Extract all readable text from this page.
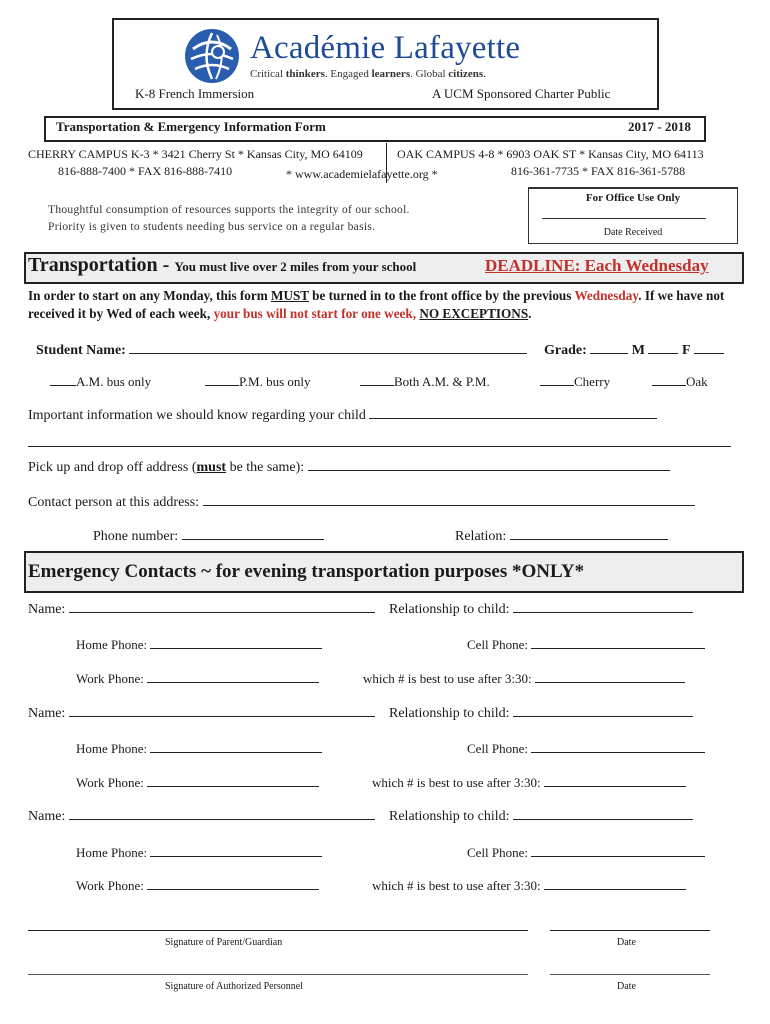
Académie Lafayette
Critical thinkers. Engaged learners. Global citizens.
K-8 French Immersion	A UCM Sponsored Charter Public
Transportation & Emergency Information Form	2017 - 2018
CHERRY CAMPUS K-3 * 3421 Cherry St * Kansas City, MO 64109
816-888-7400 * FAX 816-888-7410
OAK CAMPUS 4-8 * 6903 OAK ST * Kansas City, MO 64113
816-361-7735 * FAX 816-361-5788
* www.academielafayette.org *
Thoughtful consumption of resources supports the integrity of our school.
Priority is given to students needing bus service on a regular basis.
For Office Use Only
Date Received
Transportation - You must live over 2 miles from your school	DEADLINE: Each Wednesday
In order to start on any Monday, this form MUST be turned in to the front office by the previous Wednesday. If we have not received it by Wed of each week, your bus will not start for one week, NO EXCEPTIONS.
Student Name:	Grade:	M	F
A.M. bus only	P.M. bus only	Both A.M. & P.M.	Cherry	Oak
Important information we should know regarding your child
Pick up and drop off address (must be the same):
Contact person at this address:
Phone number:	Relation:
Emergency Contacts ~ for evening transportation purposes *ONLY*
Name:	Relationship to child:
Home Phone:	Cell Phone:
Work Phone:	which # is best to use after 3:30:
Name:	Relationship to child:
Home Phone:	Cell Phone:
Work Phone:	which # is best to use after 3:30:
Name:	Relationship to child:
Home Phone:	Cell Phone:
Work Phone:	which # is best to use after 3:30:
Signature of Parent/Guardian	Date
Signature of Authorized Personnel	Date
